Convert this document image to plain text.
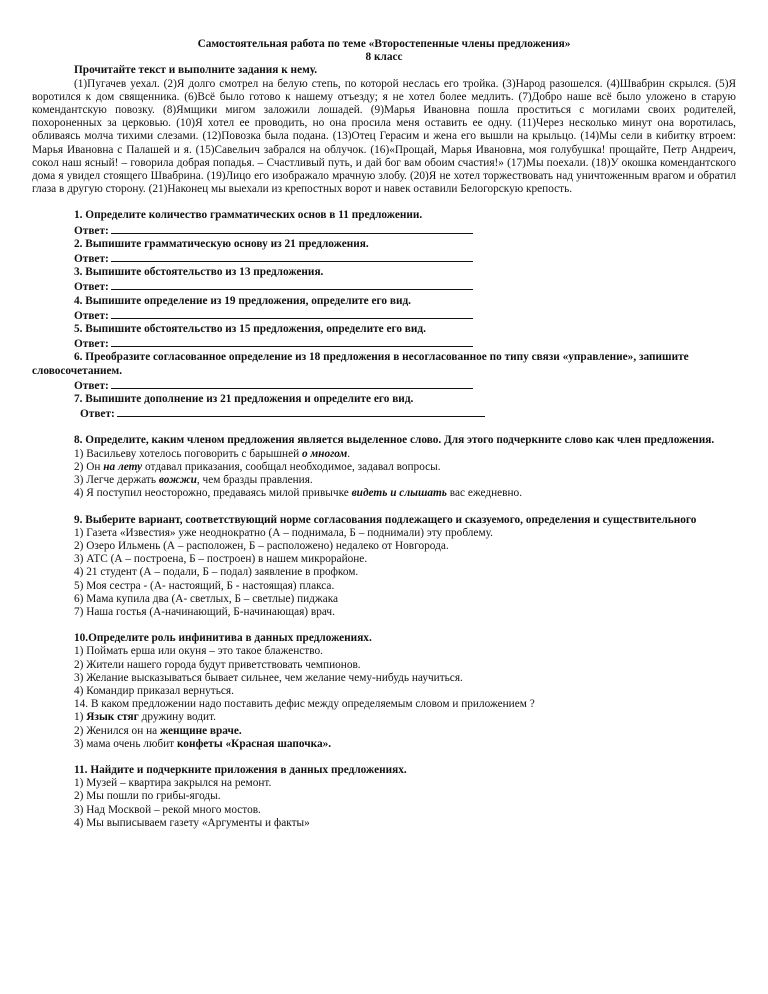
Самостоятельная работа по теме «Второстепенные члены предложения»
8 класс
Прочитайте текст и выполните задания к нему.
(1)Пугачев уехал. (2)Я долго смотрел на белую степь, по которой неслась его тройка. (3)Народ разошелся. (4)Швабрин скрылся. (5)Я воротился к дом священника. (6)Всё было готово к нашему отъезду; я не хотел более медлить. (7)Добро наше всё было уложено в старую комендантскую повозку. (8)Ямщики мигом заложили лошадей. (9)Марья Ивановна пошла проститься с могилами своих родителей, похороненных за церковью. (10)Я хотел ее проводить, но она просила меня оставить ее одну. (11)Через несколько минут она воротилась, обливаясь молча тихими слезами. (12)Повозка была подана. (13)Отец Герасим и жена его вышли на крыльцо. (14)Мы сели в кибитку втроем: Марья Ивановна с Палашей и я. (15)Савельич забрался на облучок. (16)«Прощай, Марья Ивановна, моя голубушка! прощайте, Петр Андреич, сокол наш ясный! – говорила добрая попадья. – Счастливый путь, и дай бог вам обоим счастия!» (17)Мы поехали. (18)У окошка комендантского дома я увидел стоящего Швабрина. (19)Лицо его изображало мрачную злобу. (20)Я не хотел торжествовать над уничтоженным врагом и обратил глаза в другую сторону. (21)Наконец мы выехали из крепостных ворот и навек оставили Белогорскую крепость.
1. Определите количество грамматических основ в 11 предложении.
Ответ:
2. Выпишите грамматическую основу из 21 предложения.
Ответ:
3. Выпишите обстоятельство из 13 предложения.
Ответ:
4. Выпишите определение из 19 предложения, определите его вид.
Ответ:
5. Выпишите обстоятельство из 15 предложения, определите его вид.
Ответ:
6. Преобразите согласованное определение из 18 предложения в несогласованное по типу связи «управление», запишите словосочетанием.
Ответ:
7. Выпишите дополнение из 21 предложения и определите его вид.
Ответ:
8. Определите, каким членом предложения является выделенное слово. Для этого подчеркните слово как член предложения.
1) Васильеву хотелось поговорить с барышней о многом.
2) Он на лету отдавал приказания, сообщал необходимое, задавал вопросы.
3) Легче держать вожжи, чем бразды правления.
4) Я поступил неосторожно, предаваясь милой привычке видеть и слышать вас ежедневно.
9. Выберите вариант, соответствующий норме согласования подлежащего и сказуемого, определения и существительного
1) Газета «Известия» уже неоднократно (А – поднимала, Б – поднимали) эту проблему.
2) Озеро Ильмень (А – расположен, Б – расположено) недалеко от Новгорода.
3) АТС (А – построена, Б – построен) в нашем микрорайоне.
4) 21 студент (А – подали, Б – подал) заявление в профком.
5) Моя сестра - (А- настоящий, Б - настоящая) плакса.
6) Мама купила два (А- светлых, Б – светлые) пиджака
7) Наша гостья (А-начинающий, Б-начинающая) врач.
10.Определите роль инфинитива в данных предложениях.
1) Поймать ерша или окуня – это такое блаженство.
2) Жители нашего города будут приветствовать чемпионов.
3) Желание высказываться бывает сильнее, чем желание чему-нибудь научиться.
4) Командир приказал вернуться.
14. В каком предложении надо поставить дефис между определяемым словом и приложением ?
1) Язык стяг дружину водит.
2) Женился он на женщине враче.
3) мама очень любит конфеты «Красная шапочка».
11. Найдите и подчеркните приложения в данных предложениях.
1) Музей – квартира закрылся на ремонт.
2) Мы пошли по грибы-ягоды.
3) Над Москвой – рекой много мостов.
4) Мы выписываем газету «Аргументы и факты»
